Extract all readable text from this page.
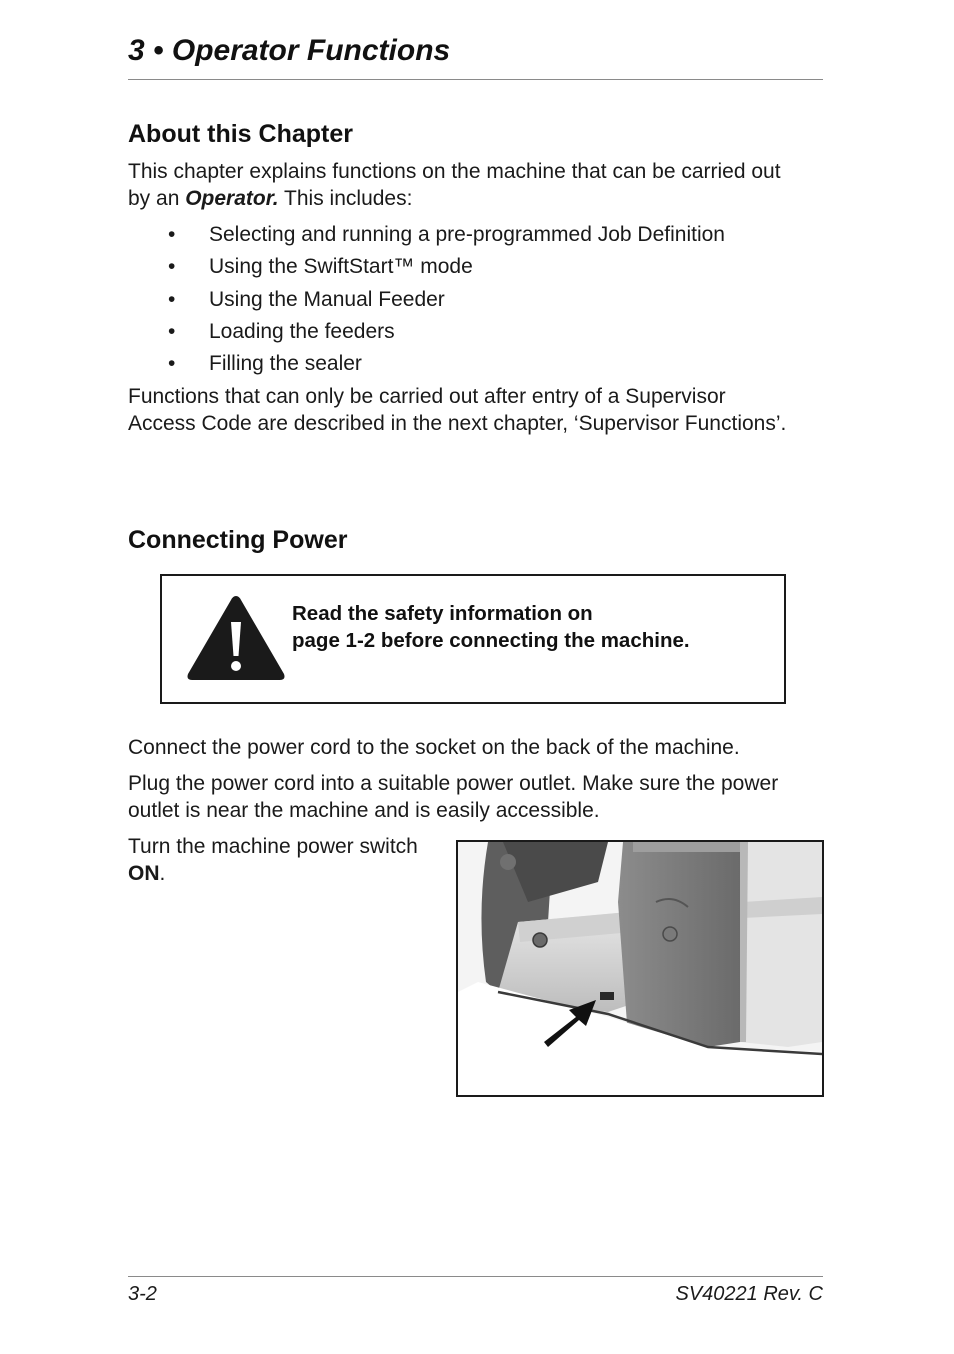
3 • Operator Functions
About this Chapter

This chapter explains functions on the machine that can be carried out by an Operator. This includes:

• Selecting and running a pre-programmed Job Definition
• Using the SwiftStart™ mode
• Using the Manual Feeder
• Loading the feeders
• Filling the sealer

Functions that can only be carried out after entry of a Supervisor Access Code are described in the next chapter, ‘Supervisor Functions’.

Connecting Power

Read the safety information on
page 1-2 before connecting the machine.

Connect the power cord to the socket on the back of the machine.

Plug the power cord into a suitable power outlet. Make sure the power outlet is near the machine and is easily accessible.

Turn the machine power switch
ON.

3-2	SV40221 Rev. C
